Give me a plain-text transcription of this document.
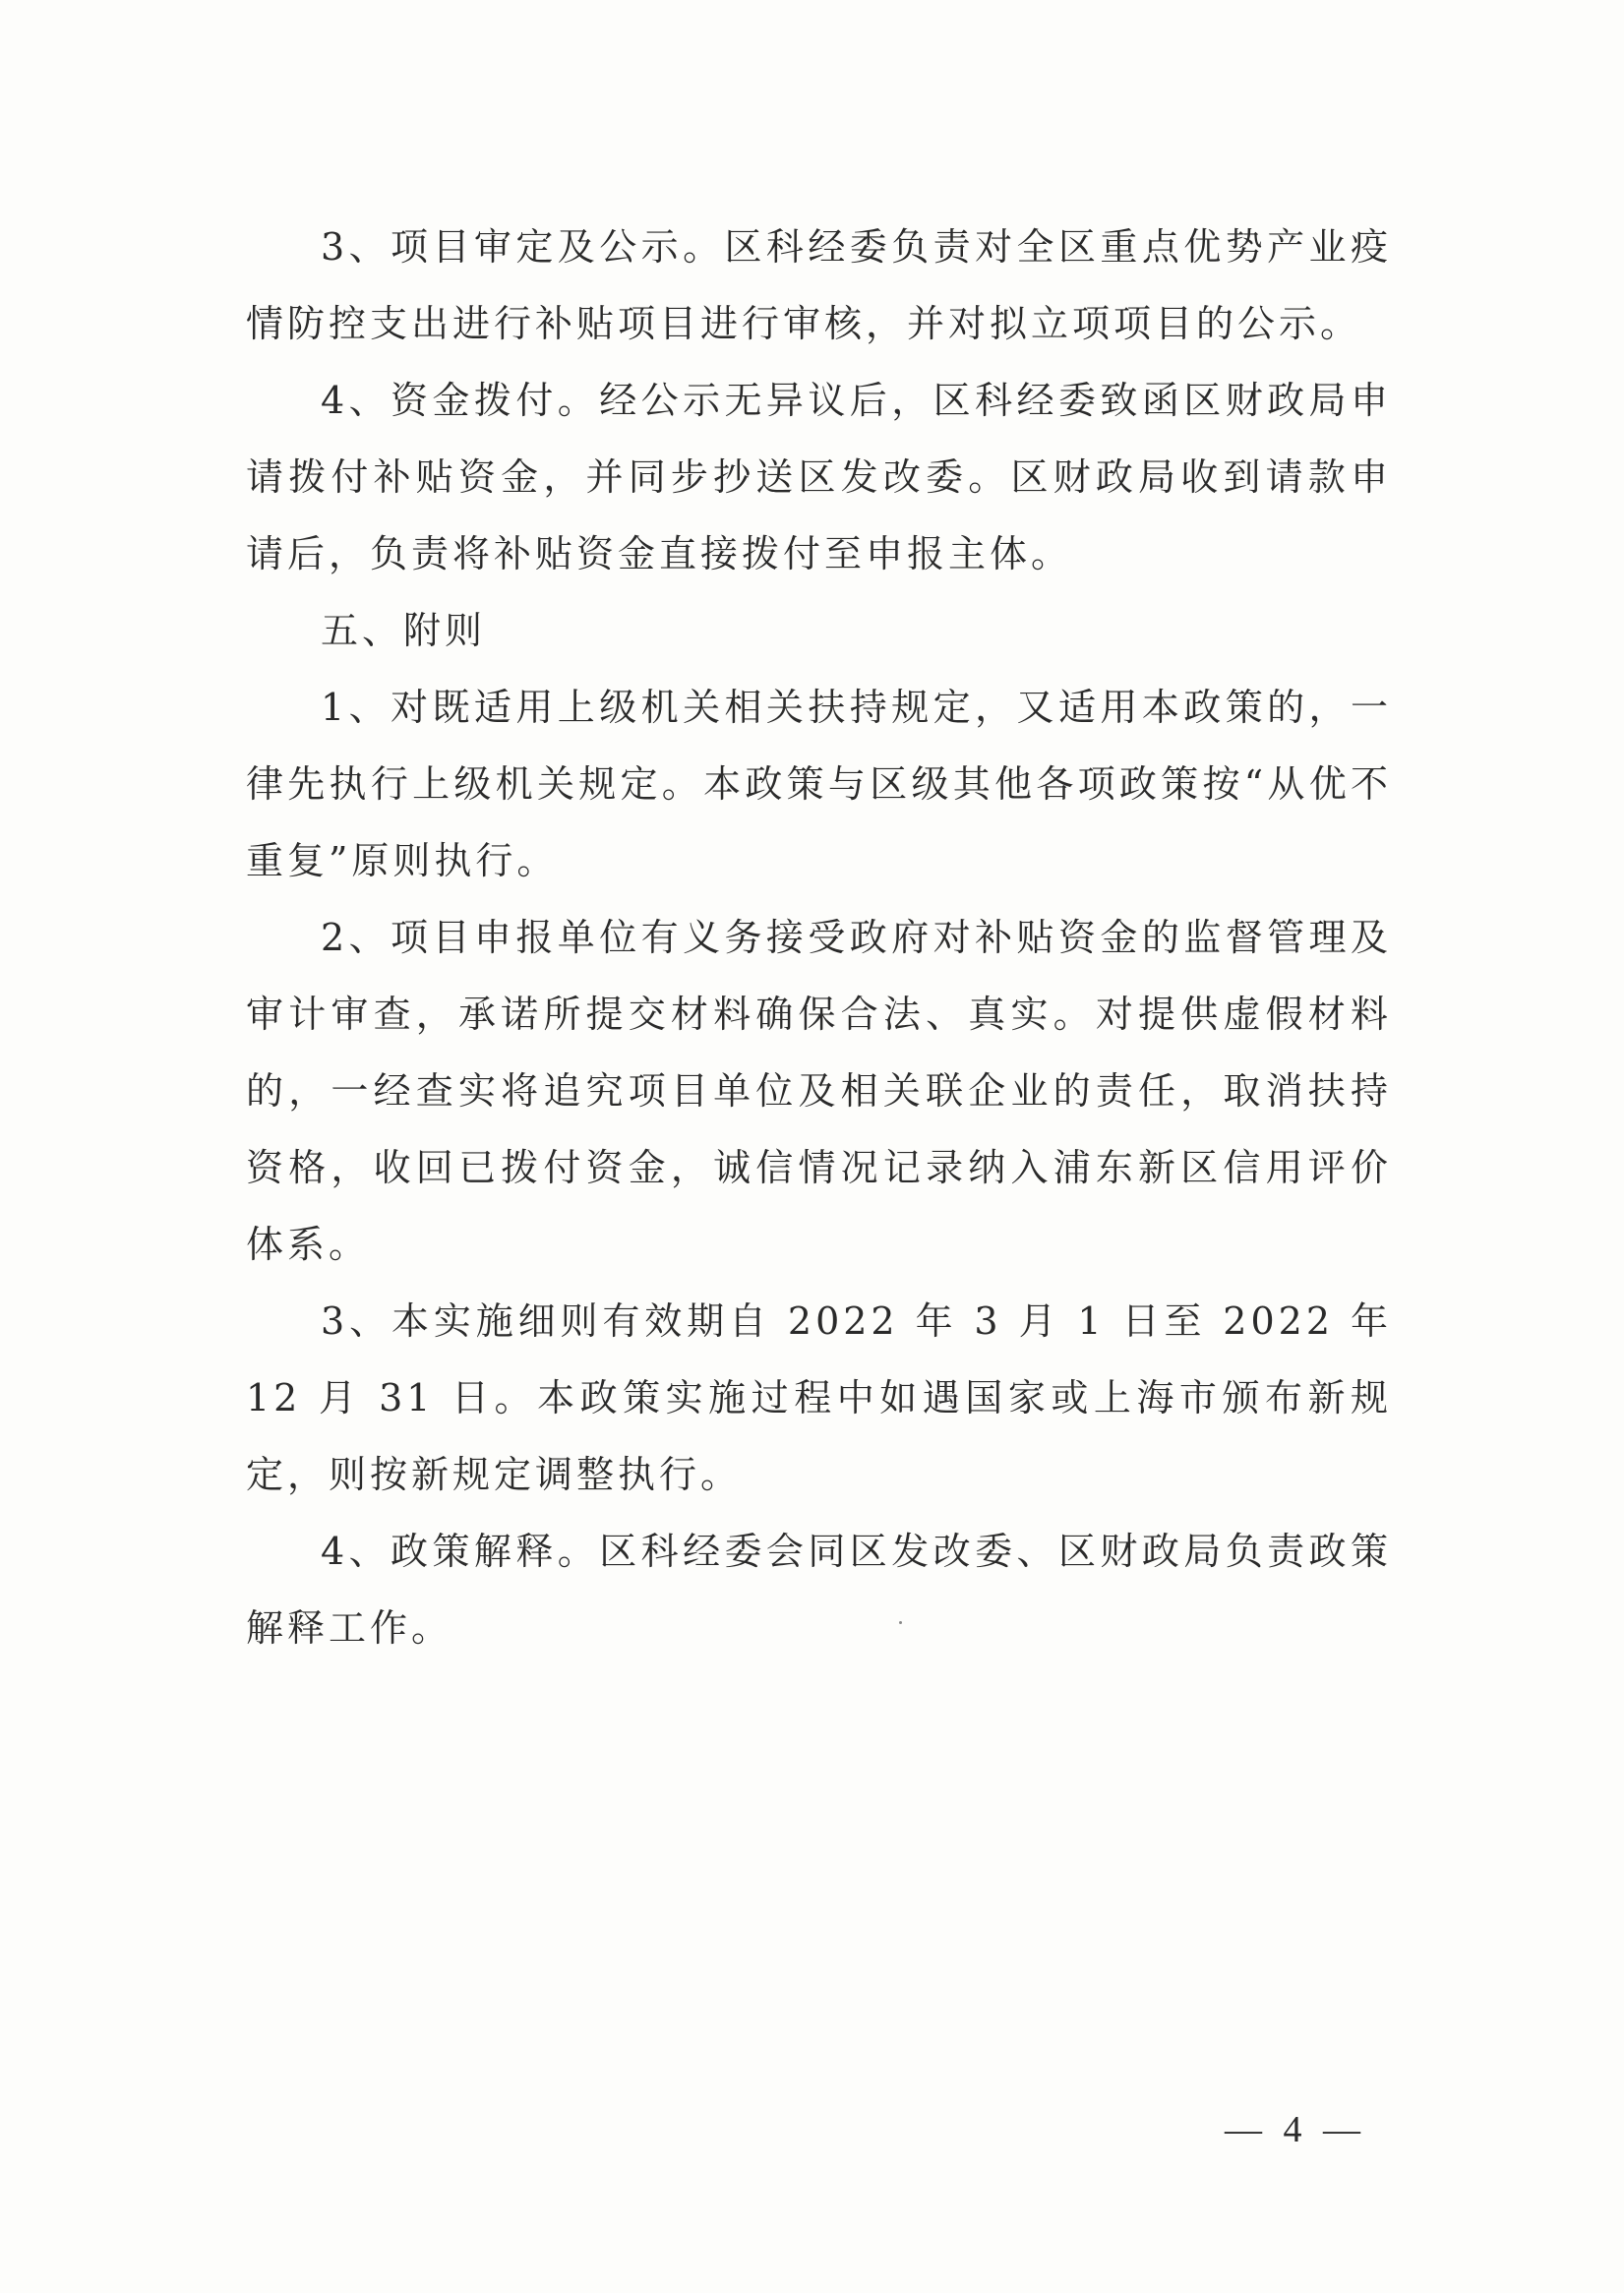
3、项目审定及公示。区科经委负责对全区重点优势产业疫情防控支出进行补贴项目进行审核，并对拟立项项目的公示。

4、资金拨付。经公示无异议后，区科经委致函区财政局申请拨付补贴资金，并同步抄送区发改委。区财政局收到请款申请后，负责将补贴资金直接拨付至申报主体。

五、附则

1、对既适用上级机关相关扶持规定，又适用本政策的，一律先执行上级机关规定。本政策与区级其他各项政策按“从优不重复”原则执行。

2、项目申报单位有义务接受政府对补贴资金的监督管理及审计审查，承诺所提交材料确保合法、真实。对提供虚假材料的，一经查实将追究项目单位及相关联企业的责任，取消扶持资格，收回已拨付资金，诚信情况记录纳入浦东新区信用评价体系。

3、本实施细则有效期自 2022 年 3 月 1 日至 2022 年 12 月 31 日。本政策实施过程中如遇国家或上海市颁布新规定，则按新规定调整执行。

4、政策解释。区科经委会同区发改委、区财政局负责政策解释工作。

— 4 —
